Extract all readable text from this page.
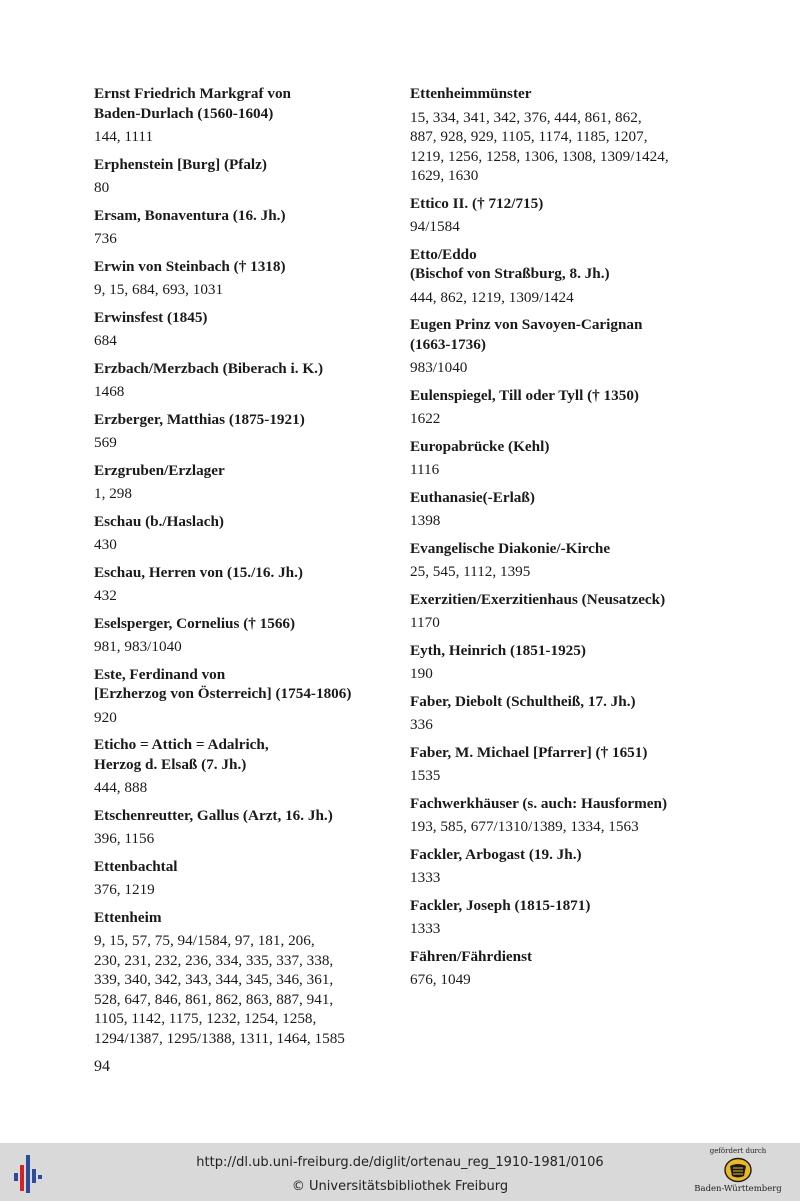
Ernst Friedrich Markgraf von
Baden-Durlach (1560-1604)
144, 1111
Erphenstein [Burg] (Pfalz)
80
Ersam, Bonaventura (16. Jh.)
736
Erwin von Steinbach († 1318)
9, 15, 684, 693, 1031
Erwinsfest (1845)
684
Erzbach/Merzbach (Biberach i. K.)
1468
Erzberger, Matthias (1875-1921)
569
Erzgruben/Erzlager
1, 298
Eschau (b./Haslach)
430
Eschau, Herren von (15./16. Jh.)
432
Eselsperger, Cornelius († 1566)
981, 983/1040
Este, Ferdinand von
[Erzherzog von Österreich] (1754-1806)
920
Eticho = Attich = Adalrich,
Herzog d. Elsaß (7. Jh.)
444, 888
Etschenreutter, Gallus (Arzt, 16. Jh.)
396, 1156
Ettenbachtal
376, 1219
Ettenheim
9, 15, 57, 75, 94/1584, 97, 181, 206,
230, 231, 232, 236, 334, 335, 337, 338,
339, 340, 342, 343, 344, 345, 346, 361,
528, 647, 846, 861, 862, 863, 887, 941,
1105, 1142, 1175, 1232, 1254, 1258,
1294/1387, 1295/1388, 1311, 1464, 1585
Ettenheimmünster
15, 334, 341, 342, 376, 444, 861, 862,
887, 928, 929, 1105, 1174, 1185, 1207,
1219, 1256, 1258, 1306, 1308, 1309/1424,
1629, 1630
Ettico II. († 712/715)
94/1584
Etto/Eddo
(Bischof von Straßburg, 8. Jh.)
444, 862, 1219, 1309/1424
Eugen Prinz von Savoyen-Carignan
(1663-1736)
983/1040
Eulenspiegel, Till oder Tyll († 1350)
1622
Europabrücke (Kehl)
1116
Euthanasie(-Erlaß)
1398
Evangelische Diakonie/-Kirche
25, 545, 1112, 1395
Exerzitien/Exerzitienhaus (Neusatzeck)
1170
Eyth, Heinrich (1851-1925)
190
Faber, Diebolt (Schultheiß, 17. Jh.)
336
Faber, M. Michael [Pfarrer] († 1651)
1535
Fachwerkhäuser (s. auch: Hausformen)
193, 585, 677/1310/1389, 1334, 1563
Fackler, Arbogast (19. Jh.)
1333
Fackler, Joseph (1815-1871)
1333
Fähren/Fährdienst
676, 1049
94
http://dl.ub.uni-freiburg.de/diglit/ortenau_reg_1910-1981/0106
© Universitätsbibliothek Freiburg
gefördert durch
Baden-Württemberg
